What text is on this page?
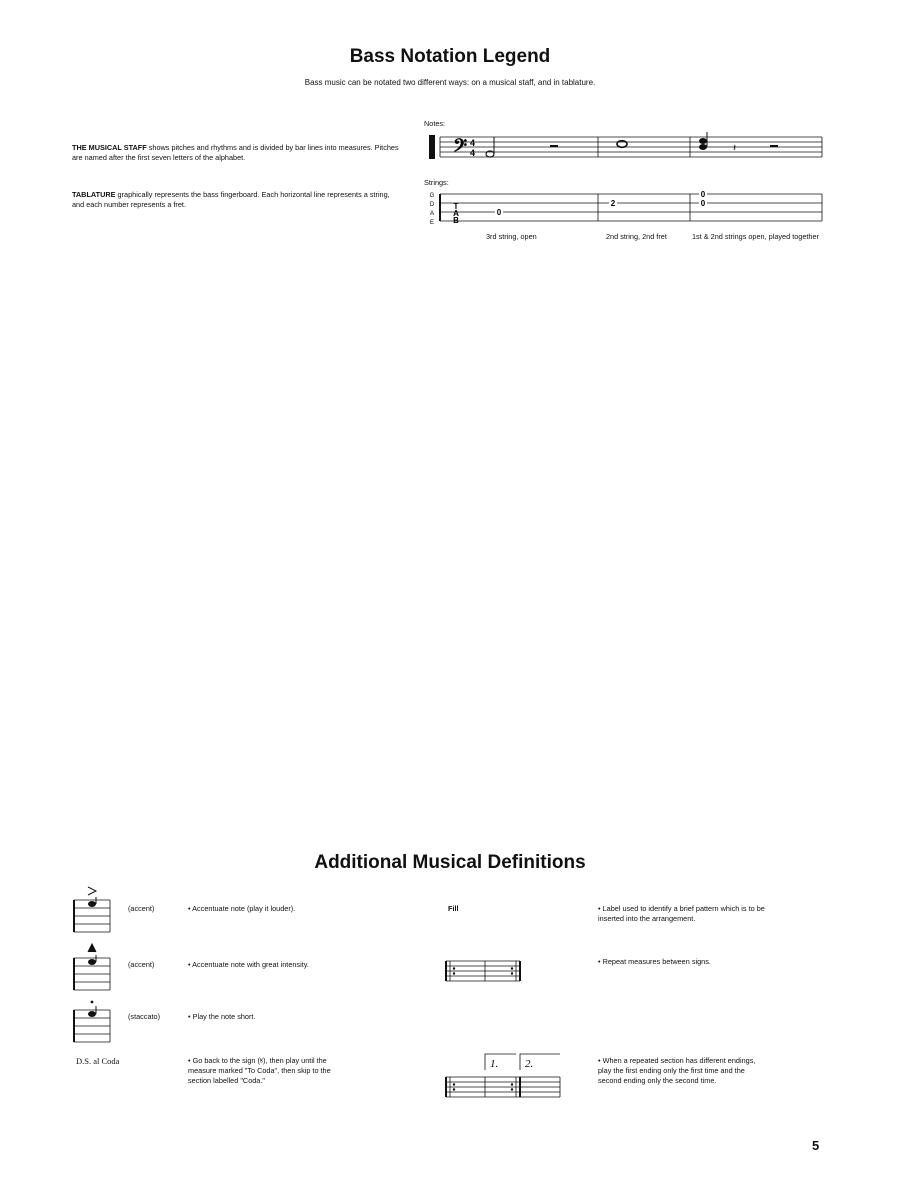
Bass Notation Legend
Bass music can be notated two different ways: on a musical staff, and in tablature.
THE MUSICAL STAFF shows pitches and rhythms and is divided by bar lines into measures. Pitches are named after the first seven letters of the alphabet.
TABLATURE graphically represents the bass fingerboard. Each horizontal line represents a string, and each number represents a fret.
Notes:
Strings:
𝄢 4
4	𝄽
T
A
B
G
D
A
E
0
2
0
0
3rd string, open	2nd string, 2nd fret	1st & 2nd strings open, played together
Additional Musical Definitions
1. 2.
(accent)	• Accentuate note (play it louder).
(accent)	• Accentuate note with great intensity.
(staccato)	• Play the note short.
D.S. al Coda	• Go back to the sign (𝄋), then play until the measure marked "To Coda", then skip to the section labelled "Coda."
Fill	• Label used to identify a brief pattern which is to be inserted into the arrangement.
• Repeat measures between signs.
• When a repeated section has different endings, play the first ending only the first time and the second ending only the second time.
5
